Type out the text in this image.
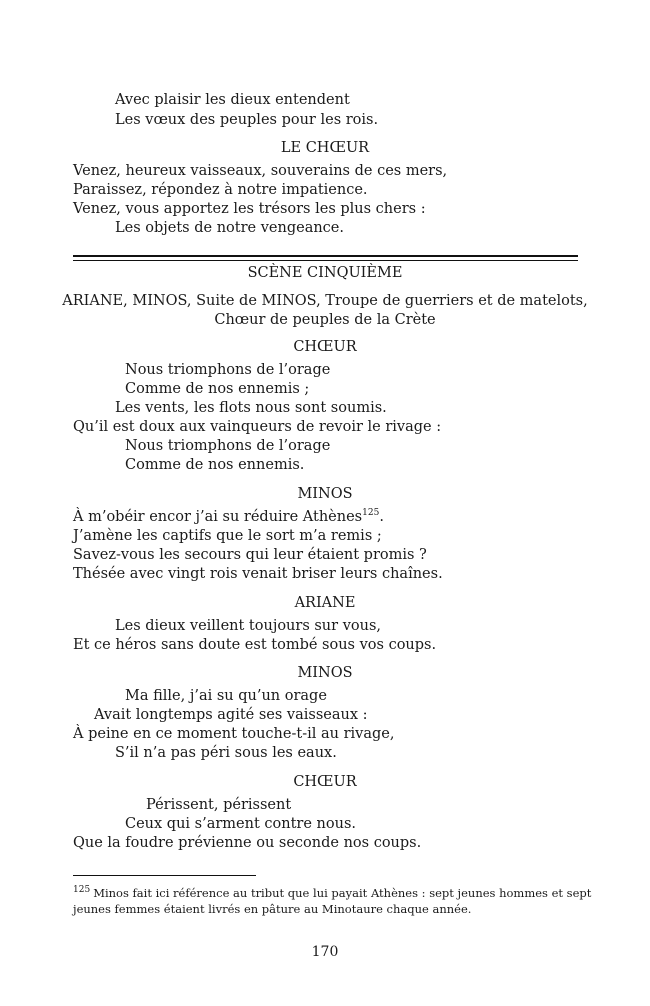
Avec plaisir les dieux entendent
Les vœux des peuples pour les rois.
LE CHŒUR
Venez, heureux vaisseaux, souverains de ces mers,
Paraissez, répondez à notre impatience.
Venez, vous apportez les trésors les plus chers :
Les objets de notre vengeance.
SCÈNE CINQUIÈME
ARIANE, MINOS, Suite de MINOS, Troupe de guerriers et de matelots,
Chœur de peuples de la Crète
CHŒUR
Nous triomphons de l’orage
Comme de nos ennemis ;
Les vents, les flots nous sont soumis.
Qu’il est doux aux vainqueurs de revoir le rivage :
Nous triomphons de l’orage
Comme de nos ennemis.
MINOS
À m’obéir encor j’ai su réduire Athènes$^{125}$.
J’amène les captifs que le sort m’a remis ;
Savez-vous les secours qui leur étaient promis ?
Thésée avec vingt rois venait briser leurs chaînes.
ARIANE
Les dieux veillent toujours sur vous,
Et ce héros sans doute est tombé sous vos coups.
MINOS
Ma fille, j’ai su qu’un orage
Avait longtemps agité ses vaisseaux :
À peine en ce moment touche-t-il au rivage,
S’il n’a pas péri sous les eaux.
CHŒUR
Périssent, périssent
Ceux qui s’arment contre nous.
Que la foudre prévienne ou seconde nos coups.
$^{125}$ Minos fait ici référence au tribut que lui payait Athènes : sept jeunes hommes et sept
jeunes femmes étaient livrés en pâture au Minotaure chaque année.
170
